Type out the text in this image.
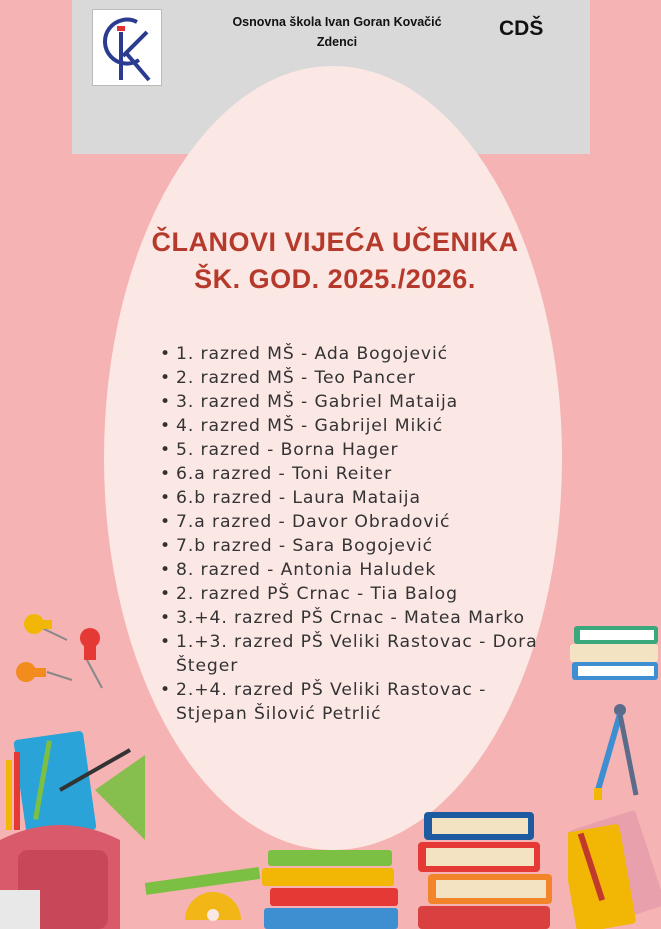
Osnovna škola Ivan Goran Kovačić
Zdenci
CDŠ
ČLANOVI VIJEĆA UČENIKA
ŠK. GOD. 2025./2026.
• 1. razred MŠ - Ada Bogojević
• 2. razred MŠ - Teo Pancer
• 3. razred MŠ - Gabriel Mataija
• 4. razred MŠ - Gabrijel Mikić
• 5. razred - Borna Hager
• 6.a razred - Toni Reiter
• 6.b razred - Laura Mataija
• 7.a razred - Davor Obradović
• 7.b razred - Sara Bogojević
• 8. razred - Antonia Haludek
• 2. razred PŠ Crnac - Tia Balog
• 3.+4. razred PŠ Crnac - Matea Marko
• 1.+3. razred PŠ Veliki Rastovac - Dora Šteger
• 2.+4. razred PŠ Veliki Rastovac - Stjepan Šilović Petrlić
